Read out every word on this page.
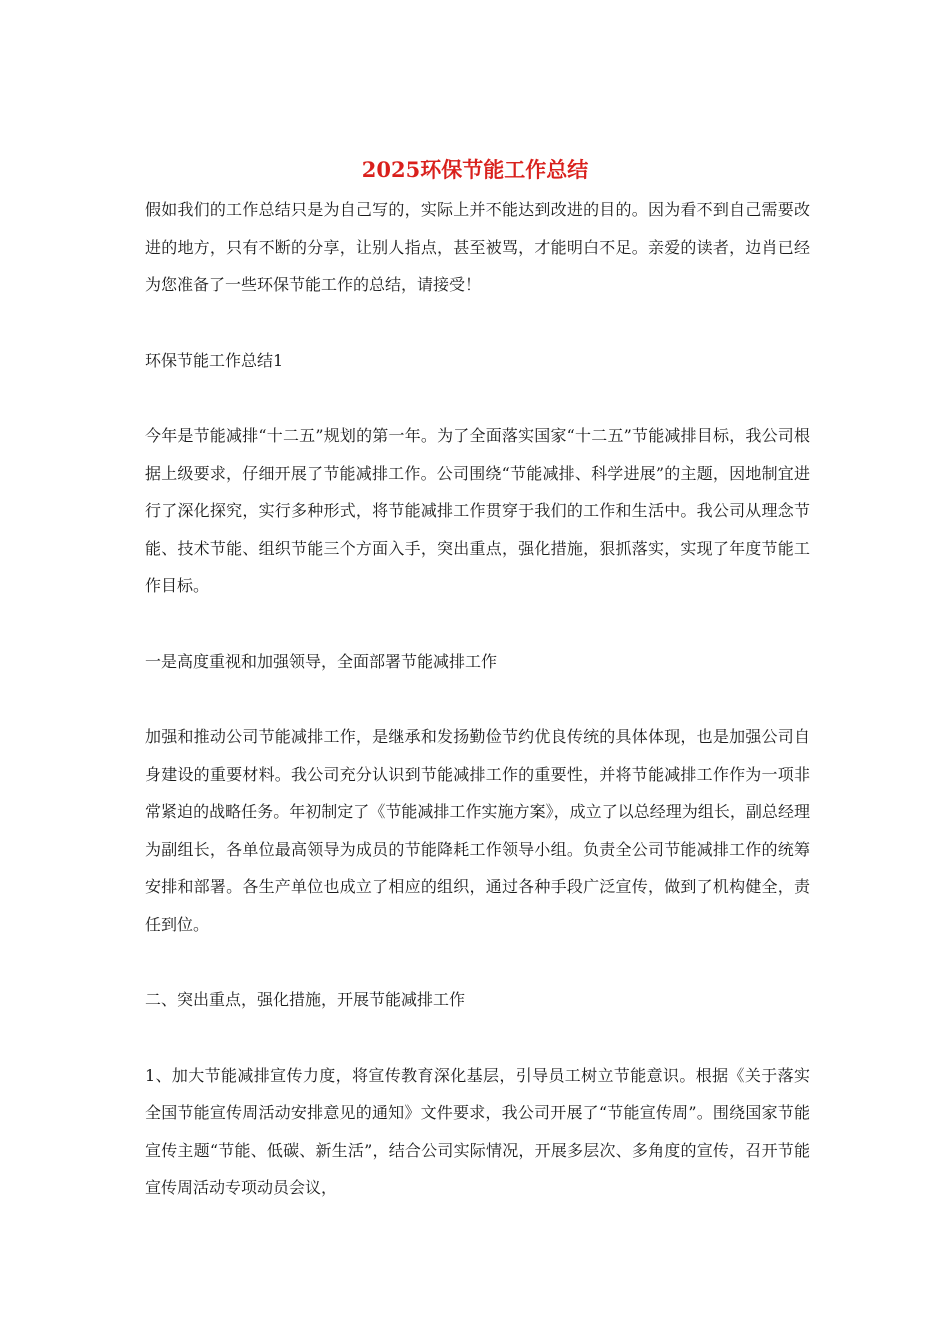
2025环保节能工作总结

假如我们的工作总结只是为自己写的，实际上并不能达到改进的目的。因为看不到自己需要改进的地方，只有不断的分享，让别人指点，甚至被骂，才能明白不足。亲爱的读者，边肖已经为您准备了一些环保节能工作的总结，请接受！

环保节能工作总结1

今年是节能减排“十二五”规划的第一年。为了全面落实国家“十二五”节能减排目标，我公司根据上级要求，仔细开展了节能减排工作。公司围绕“节能减排、科学进展”的主题，因地制宜进行了深化探究，实行多种形式，将节能减排工作贯穿于我们的工作和生活中。我公司从理念节能、技术节能、组织节能三个方面入手，突出重点，强化措施，狠抓落实，实现了年度节能工作目标。

一是高度重视和加强领导，全面部署节能减排工作

加强和推动公司节能减排工作，是继承和发扬勤俭节约优良传统的具体体现，也是加强公司自身建设的重要材料。我公司充分认识到节能减排工作的重要性，并将节能减排工作作为一项非常紧迫的战略任务。年初制定了《节能减排工作实施方案》，成立了以总经理为组长，副总经理为副组长，各单位最高领导为成员的节能降耗工作领导小组。负责全公司节能减排工作的统筹安排和部署。各生产单位也成立了相应的组织，通过各种手段广泛宣传，做到了机构健全，责任到位。

二、突出重点，强化措施，开展节能减排工作

1、加大节能减排宣传力度，将宣传教育深化基层，引导员工树立节能意识。根据《关于落实全国节能宣传周活动安排意见的通知》文件要求，我公司开展了“节能宣传周”。围绕国家节能宣传主题“节能、低碳、新生活”，结合公司实际情况，开展多层次、多角度的宣传，召开节能宣传周活动专项动员会议，
